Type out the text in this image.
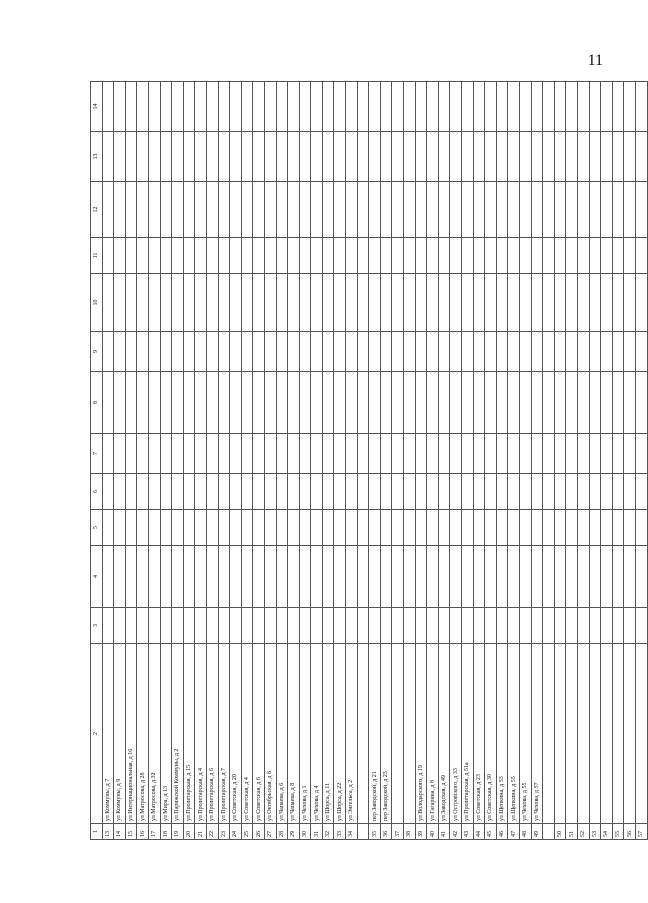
11
1	2	3	4	5	6	7	8	9	10	11	12	13	14
13	ул Коммуны, д 7												
14	ул Коммуны, д 9												
15	ул Интернациональная, д 16												
16	ул Матросова, д 28												
17	ул Матросова, д 32												
18	ул Мира, д 13												
19	ул Парижской Коммуны, д 2												
20	ул Пролетарская, д 15												
21	ул Пролетарская, д 4												
22	ул Пролетарская, д 6												
23	ул Пролетарская, д 7												
24	ул Советская, д 20												
25	ул Советская, д 4												
26	ул Советская, д 6												
27	ул Октябрьская, д 6												
28	ул Чапаева, д 6												
29	ул Чапаева, д 8												
30	ул Чехова, д 1												
31	ул Чехова, д 4												
32	ул Шорса, д 11												
33	ул Шорса, д 22												
34	ул Энгельса, д 2												

35	пер Заводской, д 21												
36	пер Заводской, д 23												
37													
38													
39	ул Володарского, д 19												
40	ул Гагарина, д 8												
41	ул Заводская, д 49												
42	ул Островского, д 33												
43	ул Пролетарская, д 51а												
44	ул Советская, д 23												
45	ул Советская, д 30												
46	ул Щепкина, д 53												
47	ул Щепкина, д 55												
48	ул Чехова, д 55												
49	ул Чехова, д 57												

50													
51													
52													
53													
54													
55													
56													
57													
